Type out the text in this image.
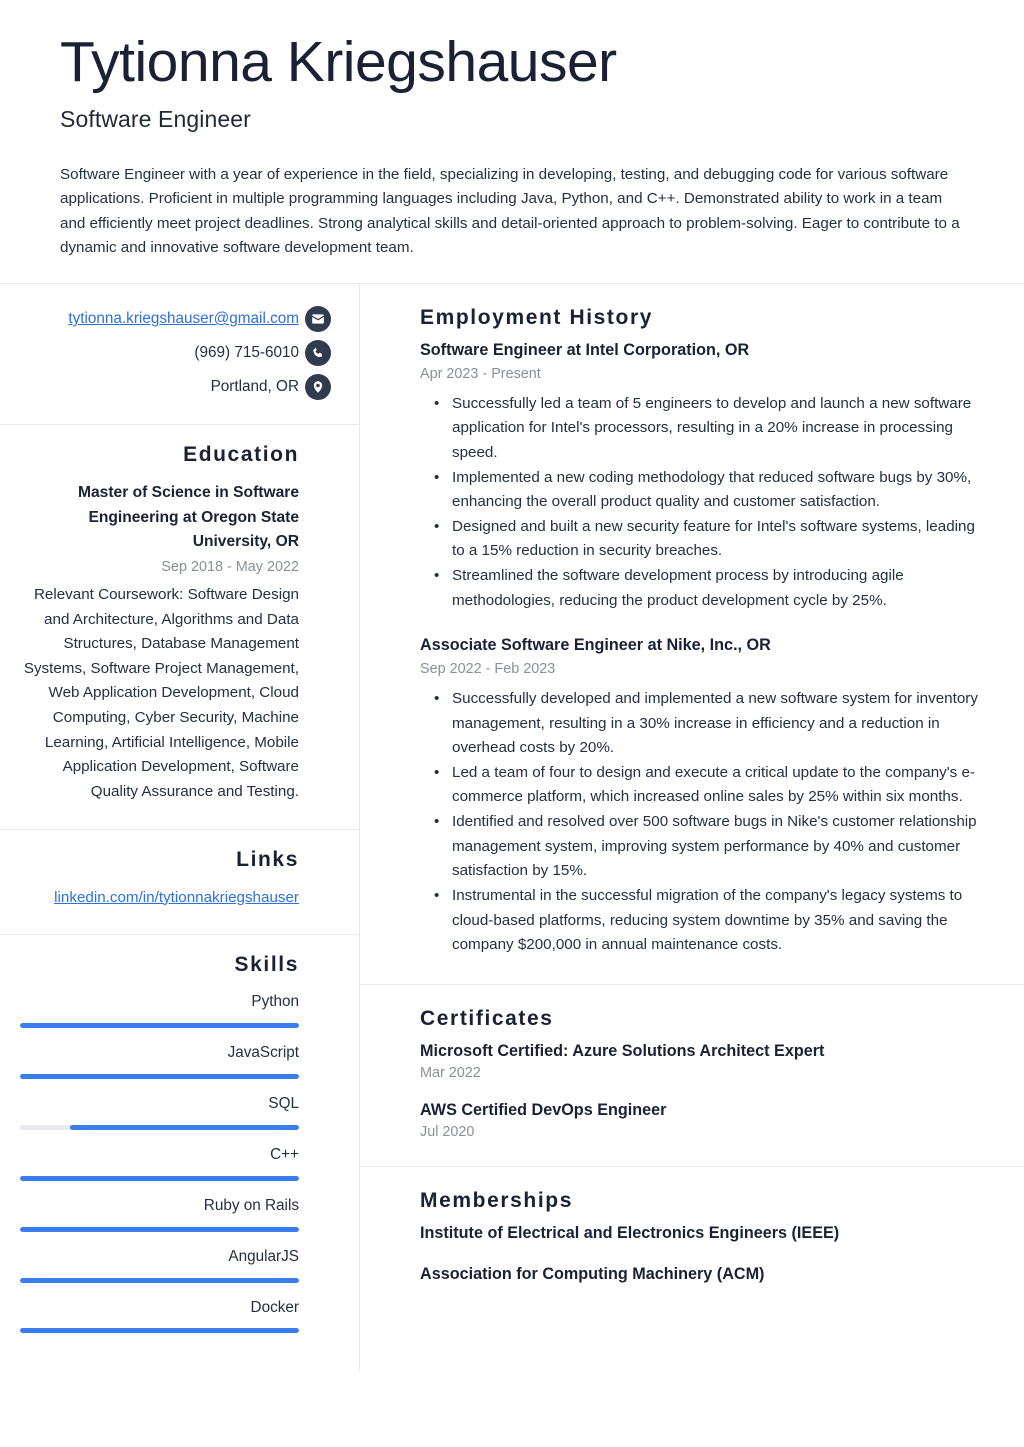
Tytionna Kriegshauser
Software Engineer

Software Engineer with a year of experience in the field, specializing in developing, testing, and debugging code for various software applications. Proficient in multiple programming languages including Java, Python, and C++. Demonstrated ability to work in a team and efficiently meet project deadlines. Strong analytical skills and detail-oriented approach to problem-solving. Eager to contribute to a dynamic and innovative software development team.

tytionna.kriegshauser@gmail.com
(969) 715-6010
Portland, OR
Education
Master of Science in Software Engineering at Oregon State University, OR
Sep 2018 - May 2022
Relevant Coursework: Software Design and Architecture, Algorithms and Data Structures, Database Management Systems, Software Project Management, Web Application Development, Cloud Computing, Cyber Security, Machine Learning, Artificial Intelligence, Mobile Application Development, Software Quality Assurance and Testing.
Links
linkedin.com/in/tytionnakriegshauser
Skills
Python
JavaScript
SQL
C++
Ruby on Rails
AngularJS
Docker
Employment History
Software Engineer at Intel Corporation, OR
Apr 2023 - Present
• Successfully led a team of 5 engineers to develop and launch a new software application for Intel's processors, resulting in a 20% increase in processing speed.
• Implemented a new coding methodology that reduced software bugs by 30%, enhancing the overall product quality and customer satisfaction.
• Designed and built a new security feature for Intel's software systems, leading to a 15% reduction in security breaches.
• Streamlined the software development process by introducing agile methodologies, reducing the product development cycle by 25%.
Associate Software Engineer at Nike, Inc., OR
Sep 2022 - Feb 2023
• Successfully developed and implemented a new software system for inventory management, resulting in a 30% increase in efficiency and a reduction in overhead costs by 20%.
• Led a team of four to design and execute a critical update to the company's e-commerce platform, which increased online sales by 25% within six months.
• Identified and resolved over 500 software bugs in Nike's customer relationship management system, improving system performance by 40% and customer satisfaction by 15%.
• Instrumental in the successful migration of the company's legacy systems to cloud-based platforms, reducing system downtime by 35% and saving the company $200,000 in annual maintenance costs.
Certificates
Microsoft Certified: Azure Solutions Architect Expert
Mar 2022
AWS Certified DevOps Engineer
Jul 2020
Memberships
Institute of Electrical and Electronics Engineers (IEEE)
Association for Computing Machinery (ACM)
